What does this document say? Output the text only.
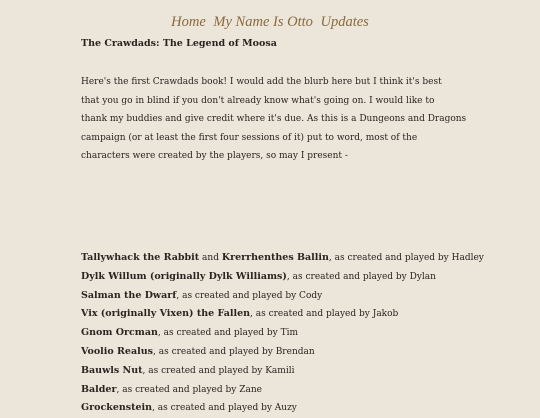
Home My Name Is Otto Updates
The Crawdads: The Legend of Moosa
Here's the first Crawdads book! I would add the blurb here but I think it's best
that you go in blind if you don't already know what's going on. I would like to
thank my buddies and give credit where it's due. As this is a Dungeons and Dragons
campaign (or at least the first four sessions of it) put to word, most of the
characters were created by the players, so may I present -
Tallywhack the Rabbit and Krerrhenthes Ballin, as created and played by Hadley
Dylk Willum (originally Dylk Williams), as created and played by Dylan
Salman the Dwarf, as created and played by Cody
Vix (originally Vixen) the Fallen, as created and played by Jakob
Gnom Orcman, as created and played by Tim
Voolio Realus, as created and played by Brendan
Bauwls Nut, as created and played by Kamili
Balder, as created and played by Zane
Grockenstein, as created and played by Auzy
